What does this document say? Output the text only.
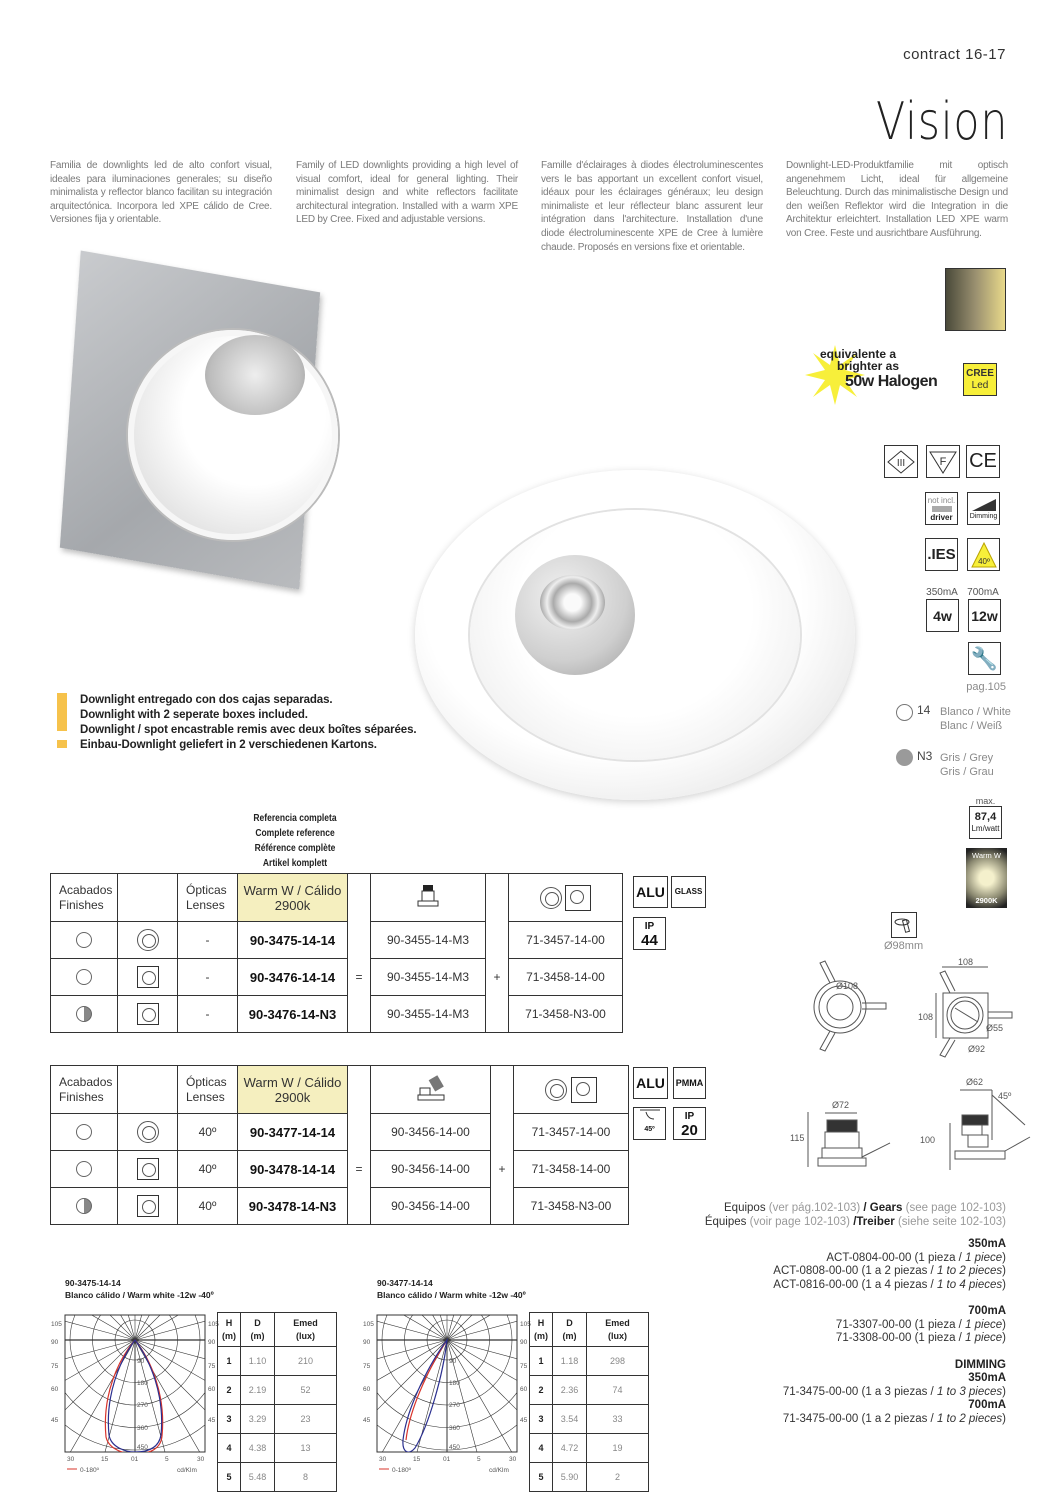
contract 16-17
Vision

Familia de downlights led de alto confort visual, ideales para iluminaciones generales; su diseño minimalista y reflector blanco facilitan su integración arquitectónica. Incorpora led XPE cálido de Cree. Versiones fija y orientable.

Family of LED downlights providing a high level of visual comfort, ideal for general lighting. Their minimalist design and white reflectors facilitate architectural integration. Installed with a warm XPE LED by Cree. Fixed and adjustable versions.

Famille d'éclairages à diodes électroluminescentes vers le bas apportant un excellent confort visuel, idéaux pour les éclairages généraux; leu design minimaliste et leur réflecteur blanc assurent leur intégration dans l'architecture. Installation d'une diode électroluminescente XPE de Cree à lumière chaude. Proposés en versions fixe et orientable.

Downlight-LED-Produktfamilie mit optisch angenehmem Licht, ideal für allgemeine Beleuchtung. Durch das minimalistische Design und den weißen Reflektor wird die Integration in die Architektur erleichtert. Installation LED XPE warm von Cree. Feste und ausrichtbare Ausführung.

equivalente a
brighter as
50w Halogen	CREE
Led
III	F CE
not incl.
driver Dimming
.IES	40º
350mA 700mA
4w	12w
🔧
pag.105
14 Blanco / White
Blanc / Weiß
N3 Gris / Grey
Gris / Grau
max.
87,4
Lm/watt
Warm W
2900K
Downlight entregado con dos cajas separadas.
Downlight with 2 seperate boxes included.
Downlight / spot encastrable remis avec deux boîtes séparées.
Einbau-Downlight geliefert in 2 verschiedenen Kartons.
Referencia completa
Complete reference
Référence complète
Artikel komplett
Acabados
Finishes		Ópticas
Lenses	Warm W / Cálido
2900k				
		-	90-3475-14-14		90-3455-14-M3		71-3457-14-00
		-	90-3476-14-14	=	90-3455-14-M3	+	71-3458-14-00
		-	90-3476-14-N3		90-3455-14-M3		71-3458-N3-00
ALU	GLASS
IP
44
Acabados
Finishes		Ópticas
Lenses	Warm W / Cálido
2900k				
		40º	90-3477-14-14		90-3456-14-00		71-3457-14-00
		40º	90-3478-14-14	=	90-3456-14-00	+	71-3458-14-00
		40º	90-3478-14-N3		90-3456-14-00		71-3458-N3-00
ALU	PMMA
45º
IP
20
Ø98mm
Ø108
108
108
Ø55
Ø92
Ø72
115
Ø62
45º
100
Equipos (ver pág.102-103) / Gears (see page 102-103)
Équipes (voir page 102-103) /Treiber (siehe seite 102-103)
350mA
ACT-0804-00-00 (1 pieza / 1 piece)
ACT-0808-00-00 (1 a 2 piezas / 1 to 2 pieces)
ACT-0816-00-00 (1 a 4 piezas / 1 to 4 pieces)
700mA
71-3307-00-00 (1 pieza / 1 piece)
71-3308-00-00 (1 pieza / 1 piece)
DIMMING
350mA
71-3475-00-00 (1 a 3 piezas / 1 to 3 pieces)
700mA
71-3475-00-00 (1 a 2 piezas / 1 to 2 pieces)
90-3475-14-14
Blanco cálido / Warm white -12w -40º
105	105
90	90
75	75
60	60
45	45
90
180
270
360
450
30	15	01	5	30
0-180º	cd/Klm
H
(m)	D
(m)	Emed
(lux)
1	1.10	210
2	2.19	52
3	3.29	23
4	4.38	13
5	5.48	8
90-3477-14-14
Blanco cálido / Warm white -12w -40º
105	105
90	90
75	75
60	60
45	45
90
180
270
360
450
30	15	01	5	30
0-180º	cd/Klm
H
(m)	D
(m)	Emed
(lux)
1	1.18	298
2	2.36	74
3	3.54	33
4	4.72	19
5	5.90	2
